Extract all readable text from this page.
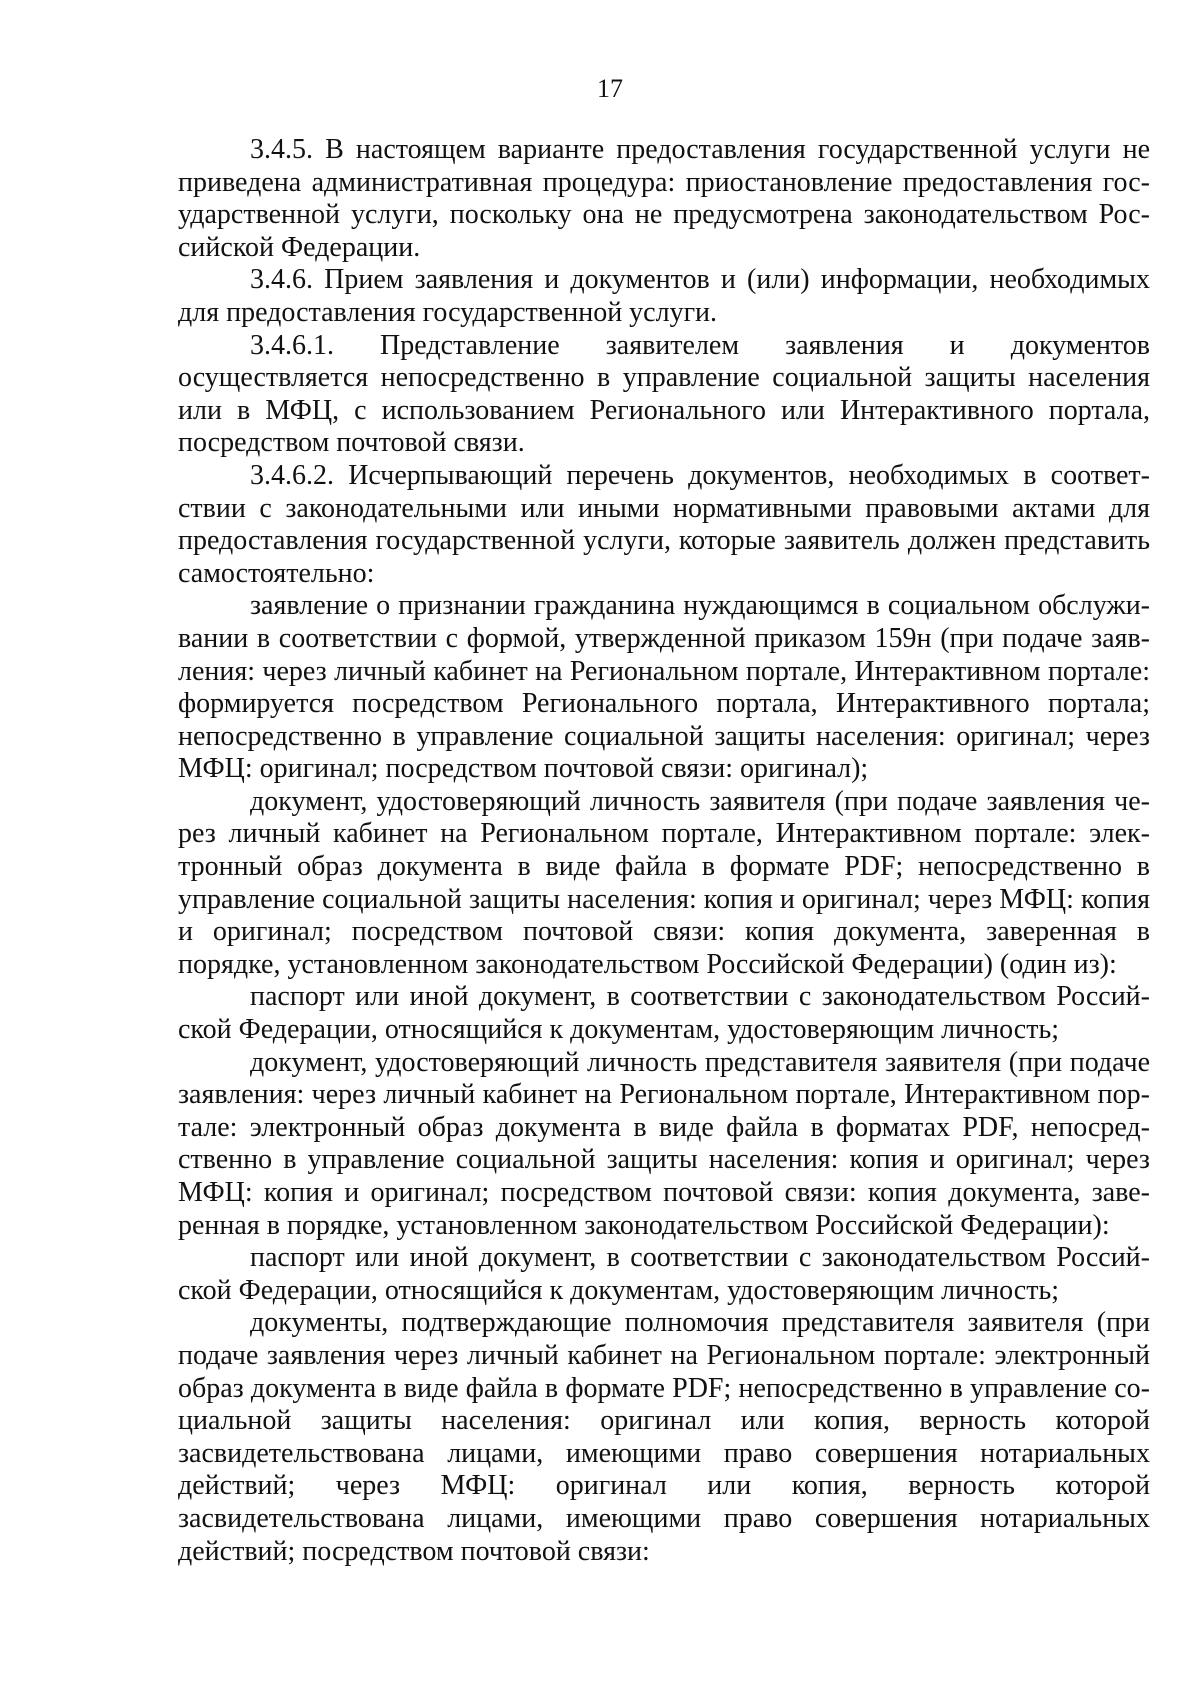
17

3.4.5. В настоящем варианте предоставления государственной услуги не приведена административная процедура: приостановление предоставления государственной услуги, поскольку она не предусмотрена законодательством Российской Федерации.

3.4.6. Прием заявления и документов и (или) информации, необходимых для предоставления государственной услуги.

3.4.6.1. Представление заявителем заявления и документов осуществляется непосредственно в управление социальной защиты населения или в МФЦ, с использованием Регионального или Интерактивного портала, посредством почтовой связи.

3.4.6.2. Исчерпывающий перечень документов, необходимых в соответствии с законодательными или иными нормативными правовыми актами для предоставления государственной услуги, которые заявитель должен представить самостоятельно:

заявление о признании гражданина нуждающимся в социальном обслуживании в соответствии с формой, утвержденной приказом 159н (при подаче заявления: через личный кабинет на Региональном портале, Интерактивном портале: формируется посредством Регионального портала, Интерактивного портала; непосредственно в управление социальной защиты населения: оригинал; через МФЦ: оригинал; посредством почтовой связи: оригинал);

документ, удостоверяющий личность заявителя (при подаче заявления через личный кабинет на Региональном портале, Интерактивном портале: электронный образ документа в виде файла в формате PDF; непосредственно в управление социальной защиты населения: копия и оригинал; через МФЦ: копия и оригинал; посредством почтовой связи: копия документа, заверенная в порядке, установленном законодательством Российской Федерации) (один из):

паспорт или иной документ, в соответствии с законодательством Российской Федерации, относящийся к документам, удостоверяющим личность;

документ, удостоверяющий личность представителя заявителя (при подаче заявления: через личный кабинет на Региональном портале, Интерактивном портале: электронный образ документа в виде файла в форматах PDF, непосредственно в управление социальной защиты населения: копия и оригинал; через МФЦ: копия и оригинал; посредством почтовой связи: копия документа, заверенная в порядке, установленном законодательством Российской Федерации):

паспорт или иной документ, в соответствии с законодательством Российской Федерации, относящийся к документам, удостоверяющим личность;

документы, подтверждающие полномочия представителя заявителя (при подаче заявления через личный кабинет на Региональном портале: электронный образ документа в виде файла в формате PDF; непосредственно в управление социальной защиты населения: оригинал или копия, верность которой засвидетельствована лицами, имеющими право совершения нотариальных действий; через МФЦ: оригинал или копия, верность которой засвидетельствована лицами, имеющими право совершения нотариальных действий; посредством почтовой связи:
